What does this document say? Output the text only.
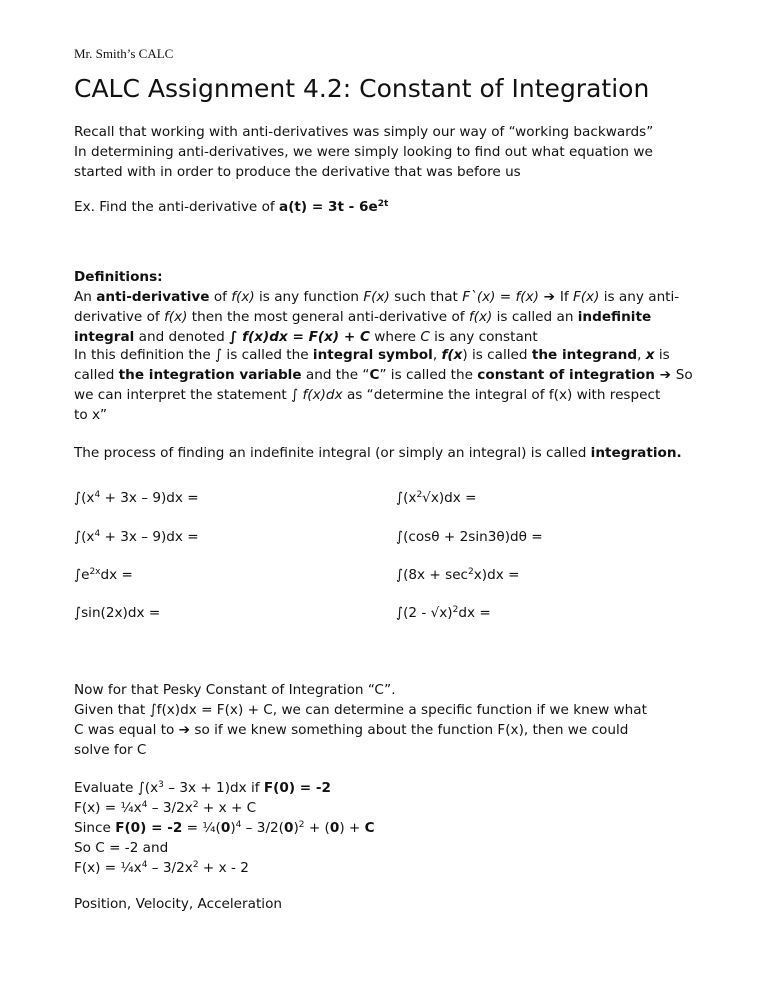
Mr. Smith’s CALC
CALC Assignment 4.2: Constant of Integration
Recall that working with anti-derivatives was simply our way of “working backwards”
In determining anti-derivatives, we were simply looking to find out what equation we
started with in order to produce the derivative that was before us
Ex. Find the anti-derivative of $a(t) = 3t - 6e^{2t}$
Definitions:
An anti-derivative of f(x) is any function F(x) such that F`(x) = f(x) ➔ If F(x) is any anti-
derivative of f(x) then the most general anti-derivative of f(x) is called an indefinite
integral and denoted ∫ f(x)dx = F(x) + C where C is any constant
In this definition the ∫ is called the integral symbol, f(x) is called the integrand, x is
called the integration variable and the “C” is called the constant of integration ➔ So
we can interpret the statement ∫ f(x)dx as “determine the integral of f(x) with respect
to x”
The process of finding an indefinite integral (or simply an integral) is called integration.
$\int(x^4 + 3x - 9)dx$ =	$\int(x^2√x)dx$ =
$\int(x^4 + 3x - 9)dx$ =	∫(cosθ + 2sin3θ)dθ =
$\int e^{2x}dx$ =	$\int(8x + \sec^2x)dx$ =
∫sin(2x)dx =	∫(2 - √x)$^2$dx =
Now for that Pesky Constant of Integration “C”.
Given that ∫f(x)dx = F(x) + C, we can determine a specific function if we knew what
C was equal to ➔ so if we knew something about the function F(x), then we could
solve for C
Evaluate $\int(x^3 - 3x + 1)dx$ if F(0) = -2
$F(x) = \frac{1}{4}x^4 - 3/2x^2 + x + C$
Since $F(0) = -2 = \frac{1}{4}(0)^4 - 3/2(0)^2 + (0) + C$
So C = -2 and
$F(x) = \frac{1}{4}x^4 - 3/2x^2 + x - 2$
Position, Velocity, Acceleration
